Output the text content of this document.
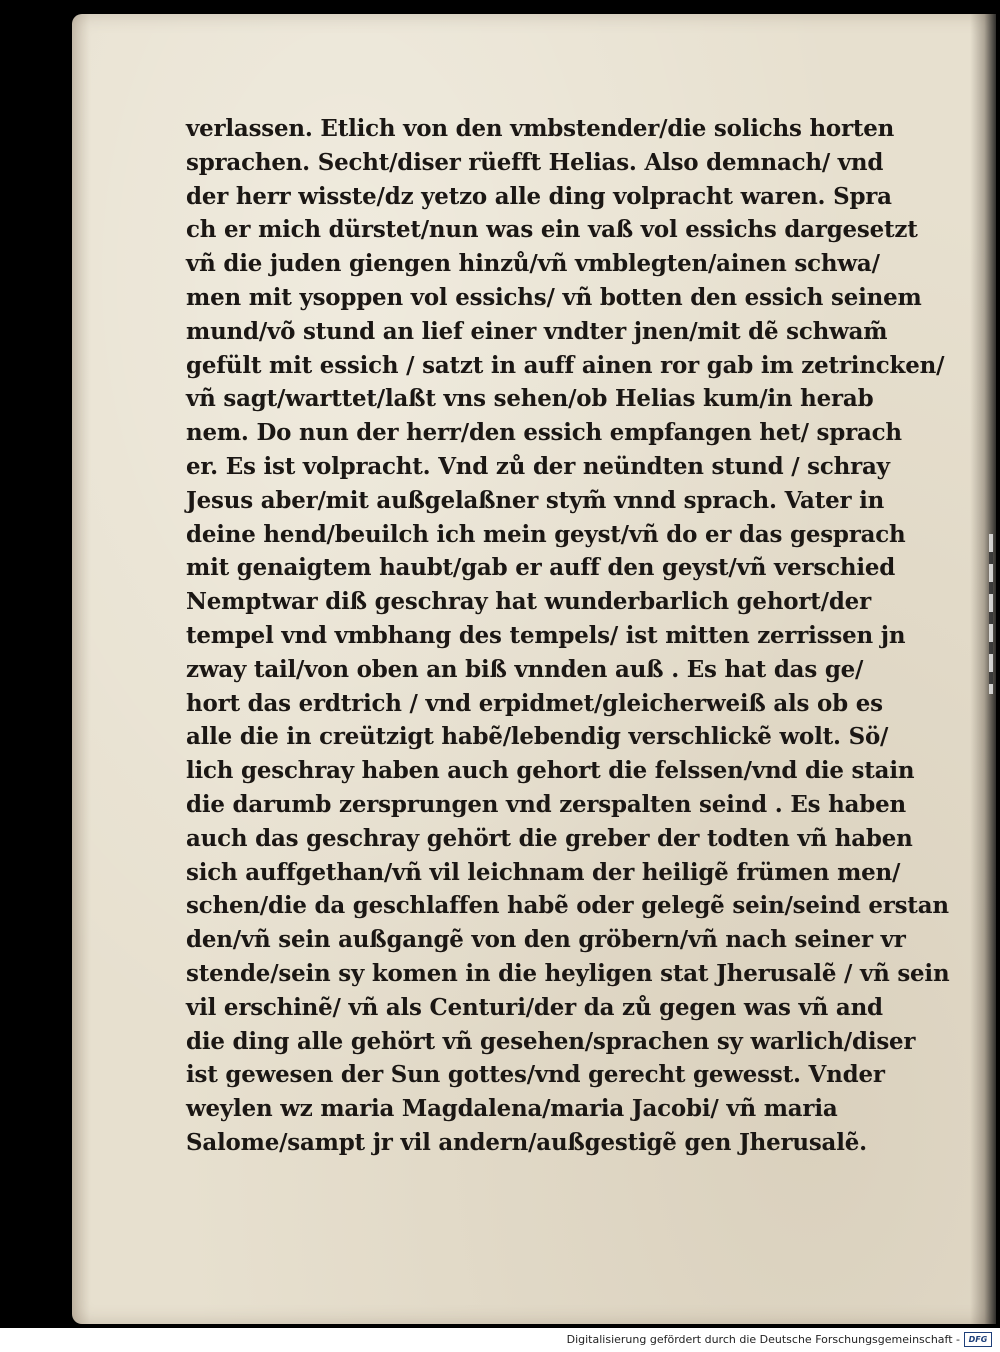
verlassen. Etlich von den vmbstender/die solichs horten
sprachen. Secht/diser rüefft Helias. Also demnach/ vnd
der herr wisste/dz yetzo alle ding volpracht waren. Spra
ch er mich dürstet/nun was ein vaß vol essichs dargesetzt
vñ die juden giengen hinzů/vñ vmblegten/ainen schwa/
men mit ysoppen vol essichs/ vñ botten den essich seinem
mund/võ stund an lief einer vndter jnen/mit dẽ schwam̃
gefült mit essich / satzt in auff ainen ror gab im zetrincken/
vñ sagt/warttet/laßt vns sehen/ob Helias kum/in herab
nem. Do nun der herr/den essich empfangen het/ sprach
er. Es ist volpracht. Vnd zů der neündten stund / schray
Jesus aber/mit außgelaßner stym̃ vnnd sprach. Vater in
deine hend/beuilch ich mein geyst/vñ do er das gesprach
mit genaigtem haubt/gab er auff den geyst/vñ verschied
Nemptwar diß geschray hat wunderbarlich gehort/der
tempel vnd vmbhang des tempels/ ist mitten zerrissen jn
zway tail/von oben an biß vnnden auß . Es hat das ge/
hort das erdtrich / vnd erpidmet/gleicherweiß als ob es
alle die in creützigt habẽ/lebendig verschlickẽ wolt. Sö/
lich geschray haben auch gehort die felssen/vnd die stain
die darumb zersprungen vnd zerspalten seind . Es haben
auch das geschray gehört die greber der todten vñ haben
sich auffgethan/vñ vil leichnam der heiligẽ frümen men/
schen/die da geschlaffen habẽ oder gelegẽ sein/seind erstan
den/vñ sein außgangẽ von den gröbern/vñ nach seiner vr
stende/sein sy komen in die heyligen stat Jherusalẽ / vñ sein
vil erschinẽ/ vñ als Centuri/der da zů gegen was vñ and
die ding alle gehört vñ gesehen/sprachen sy warlich/diser
ist gewesen der Sun gottes/vnd gerecht gewesst. Vnder
weylen wz maria Magdalena/maria Jacobi/ vñ maria
Salome/sampt jr vil andern/außgestigẽ gen Jherusalẽ.
Digitalisierung gefördert durch die Deutsche Forschungsgemeinschaft -	DFG
